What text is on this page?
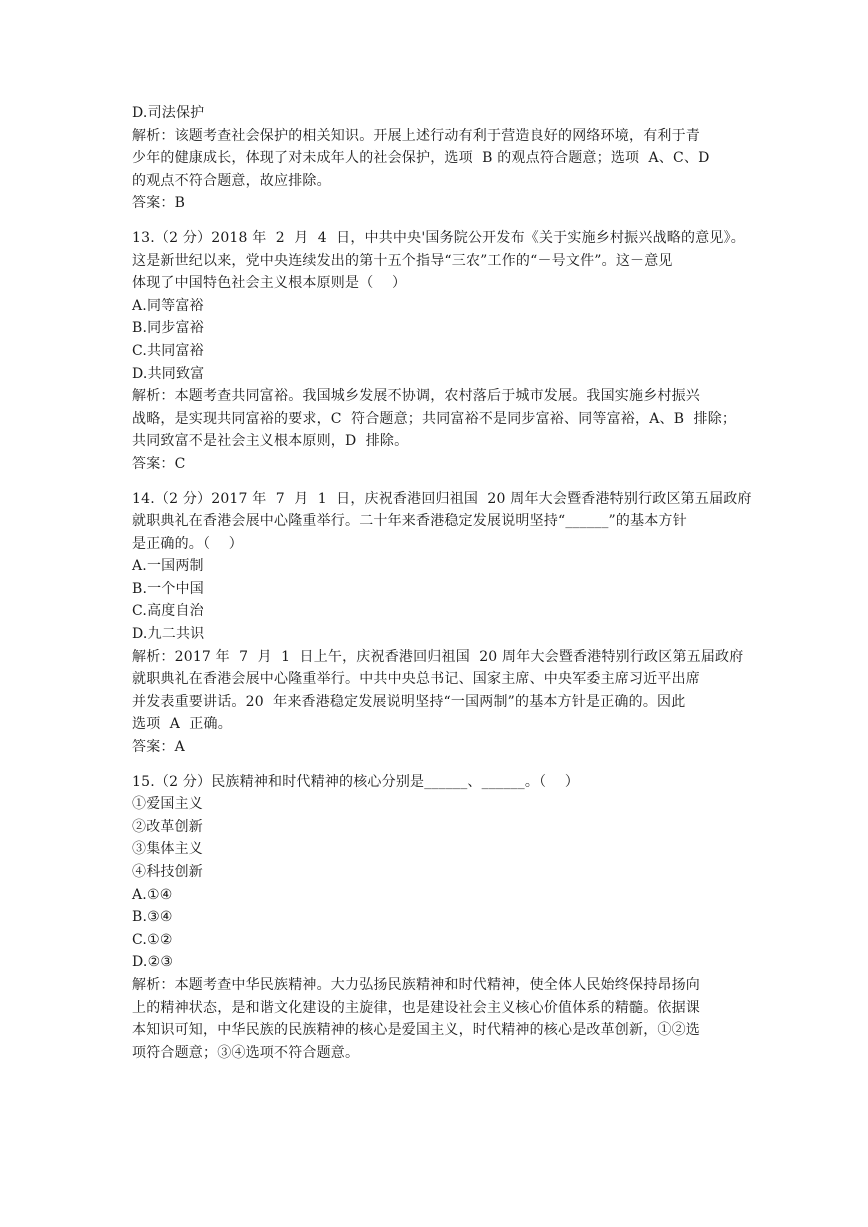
D.司法保护
解析：该题考查社会保护的相关知识。开展上述行动有利于营造良好的网络环境，有利于青
少年的健康成长，体现了对未成年人的社会保护，选项  B 的观点符合题意；选项  A、C、D
的观点不符合题意，故应排除。
答案：B
13.（2 分）2018 年  2  月  4  日，中共中央'国务院公开发布《关于实施乡村振兴战略的意见》。
这是新世纪以来，党中央连续发出的第十五个指导“三农”工作的“－号文件”。这－意见
体现了中国特色社会主义根本原则是（    ）
A.同等富裕
B.同步富裕
C.共同富裕
D.共同致富
解析：本题考查共同富裕。我国城乡发展不协调，农村落后于城市发展。我国实施乡村振兴
战略，是实现共同富裕的要求，C  符合题意；共同富裕不是同步富裕、同等富裕，A、B  排除；
共同致富不是社会主义根本原则，D  排除。
答案：C
14.（2 分）2017 年  7  月  1  日，庆祝香港回归祖国  20 周年大会暨香港特别行政区第五届政府
就职典礼在香港会展中心隆重举行。二十年来香港稳定发展说明坚持“______”的基本方针
是正确的。（    ）
A.一国两制
B.一个中国
C.高度自治
D.九二共识
解析：2017 年  7  月  1  日上午，庆祝香港回归祖国  20 周年大会暨香港特别行政区第五届政府
就职典礼在香港会展中心隆重举行。中共中央总书记、国家主席、中央军委主席习近平出席
并发表重要讲话。20  年来香港稳定发展说明坚持“一国两制”的基本方针是正确的。因此
选项  A  正确。
答案：A
15.（2 分）民族精神和时代精神的核心分别是______、______。（    ）
①爱国主义
②改革创新
③集体主义
④科技创新
A.①④
B.③④
C.①②
D.②③
解析：本题考查中华民族精神。大力弘扬民族精神和时代精神，使全体人民始终保持昂扬向
上的精神状态，是和谐文化建设的主旋律，也是建设社会主义核心价值体系的精髓。依据课
本知识可知，中华民族的民族精神的核心是爱国主义，时代精神的核心是改革创新，①②选
项符合题意；③④选项不符合题意。
